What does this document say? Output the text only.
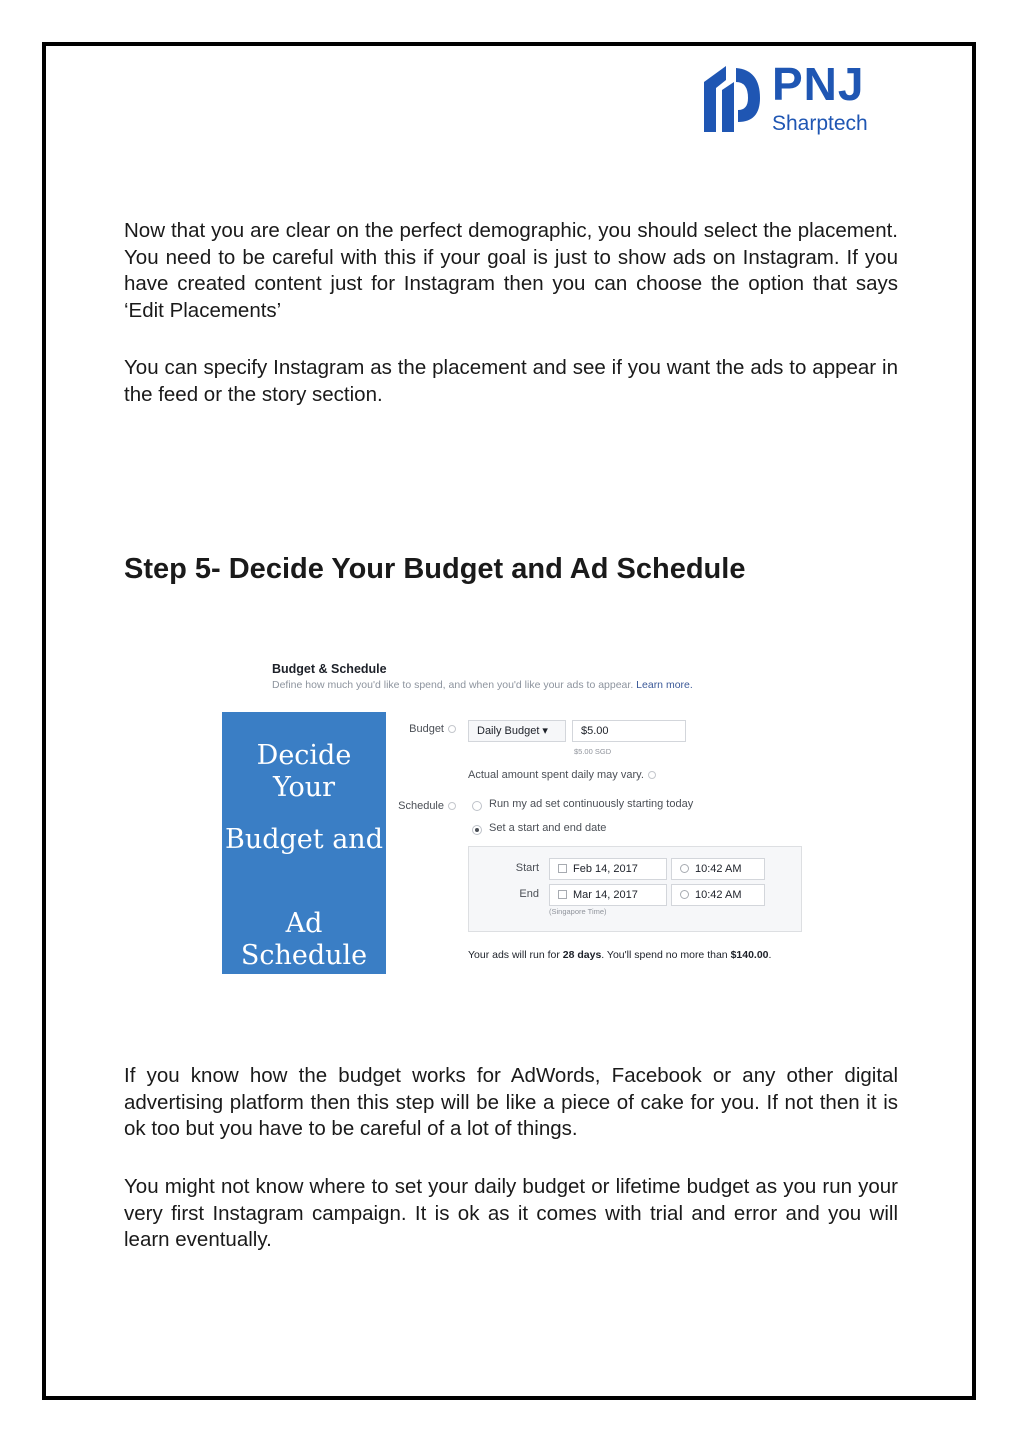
PNJ
Sharptech

Now that you are clear on the perfect demographic, you should select the placement. You need to be careful with this if your goal is just to show ads on Instagram. If you have created content just for Instagram then you can choose the option that says ‘Edit Placements’

You can specify Instagram as the placement and see if you want the ads to appear in the feed or the story section.

Step 5- Decide Your Budget and Ad Schedule
Budget & Schedule
Define how much you'd like to spend, and when you'd like your ads to appear. Learn more.
Decide Your
Budget and
Ad Schedule
Budget	Daily Budget ▾	$5.00
$5.00 SGD
Actual amount spent daily may vary.
Schedule	Run my ad set continuously starting today
Set a start and end date
Start	Feb 14, 2017	10:42 AM
End	Mar 14, 2017	10:42 AM
(Singapore Time)
Your ads will run for 28 days. You'll spend no more than $140.00.

If you know how the budget works for AdWords, Facebook or any other digital advertising platform then this step will be like a piece of cake for you. If not then it is ok too but you have to be careful of a lot of things.

You might not know where to set your daily budget or lifetime budget as you run your very first Instagram campaign. It is ok as it comes with trial and error and you will learn eventually.
